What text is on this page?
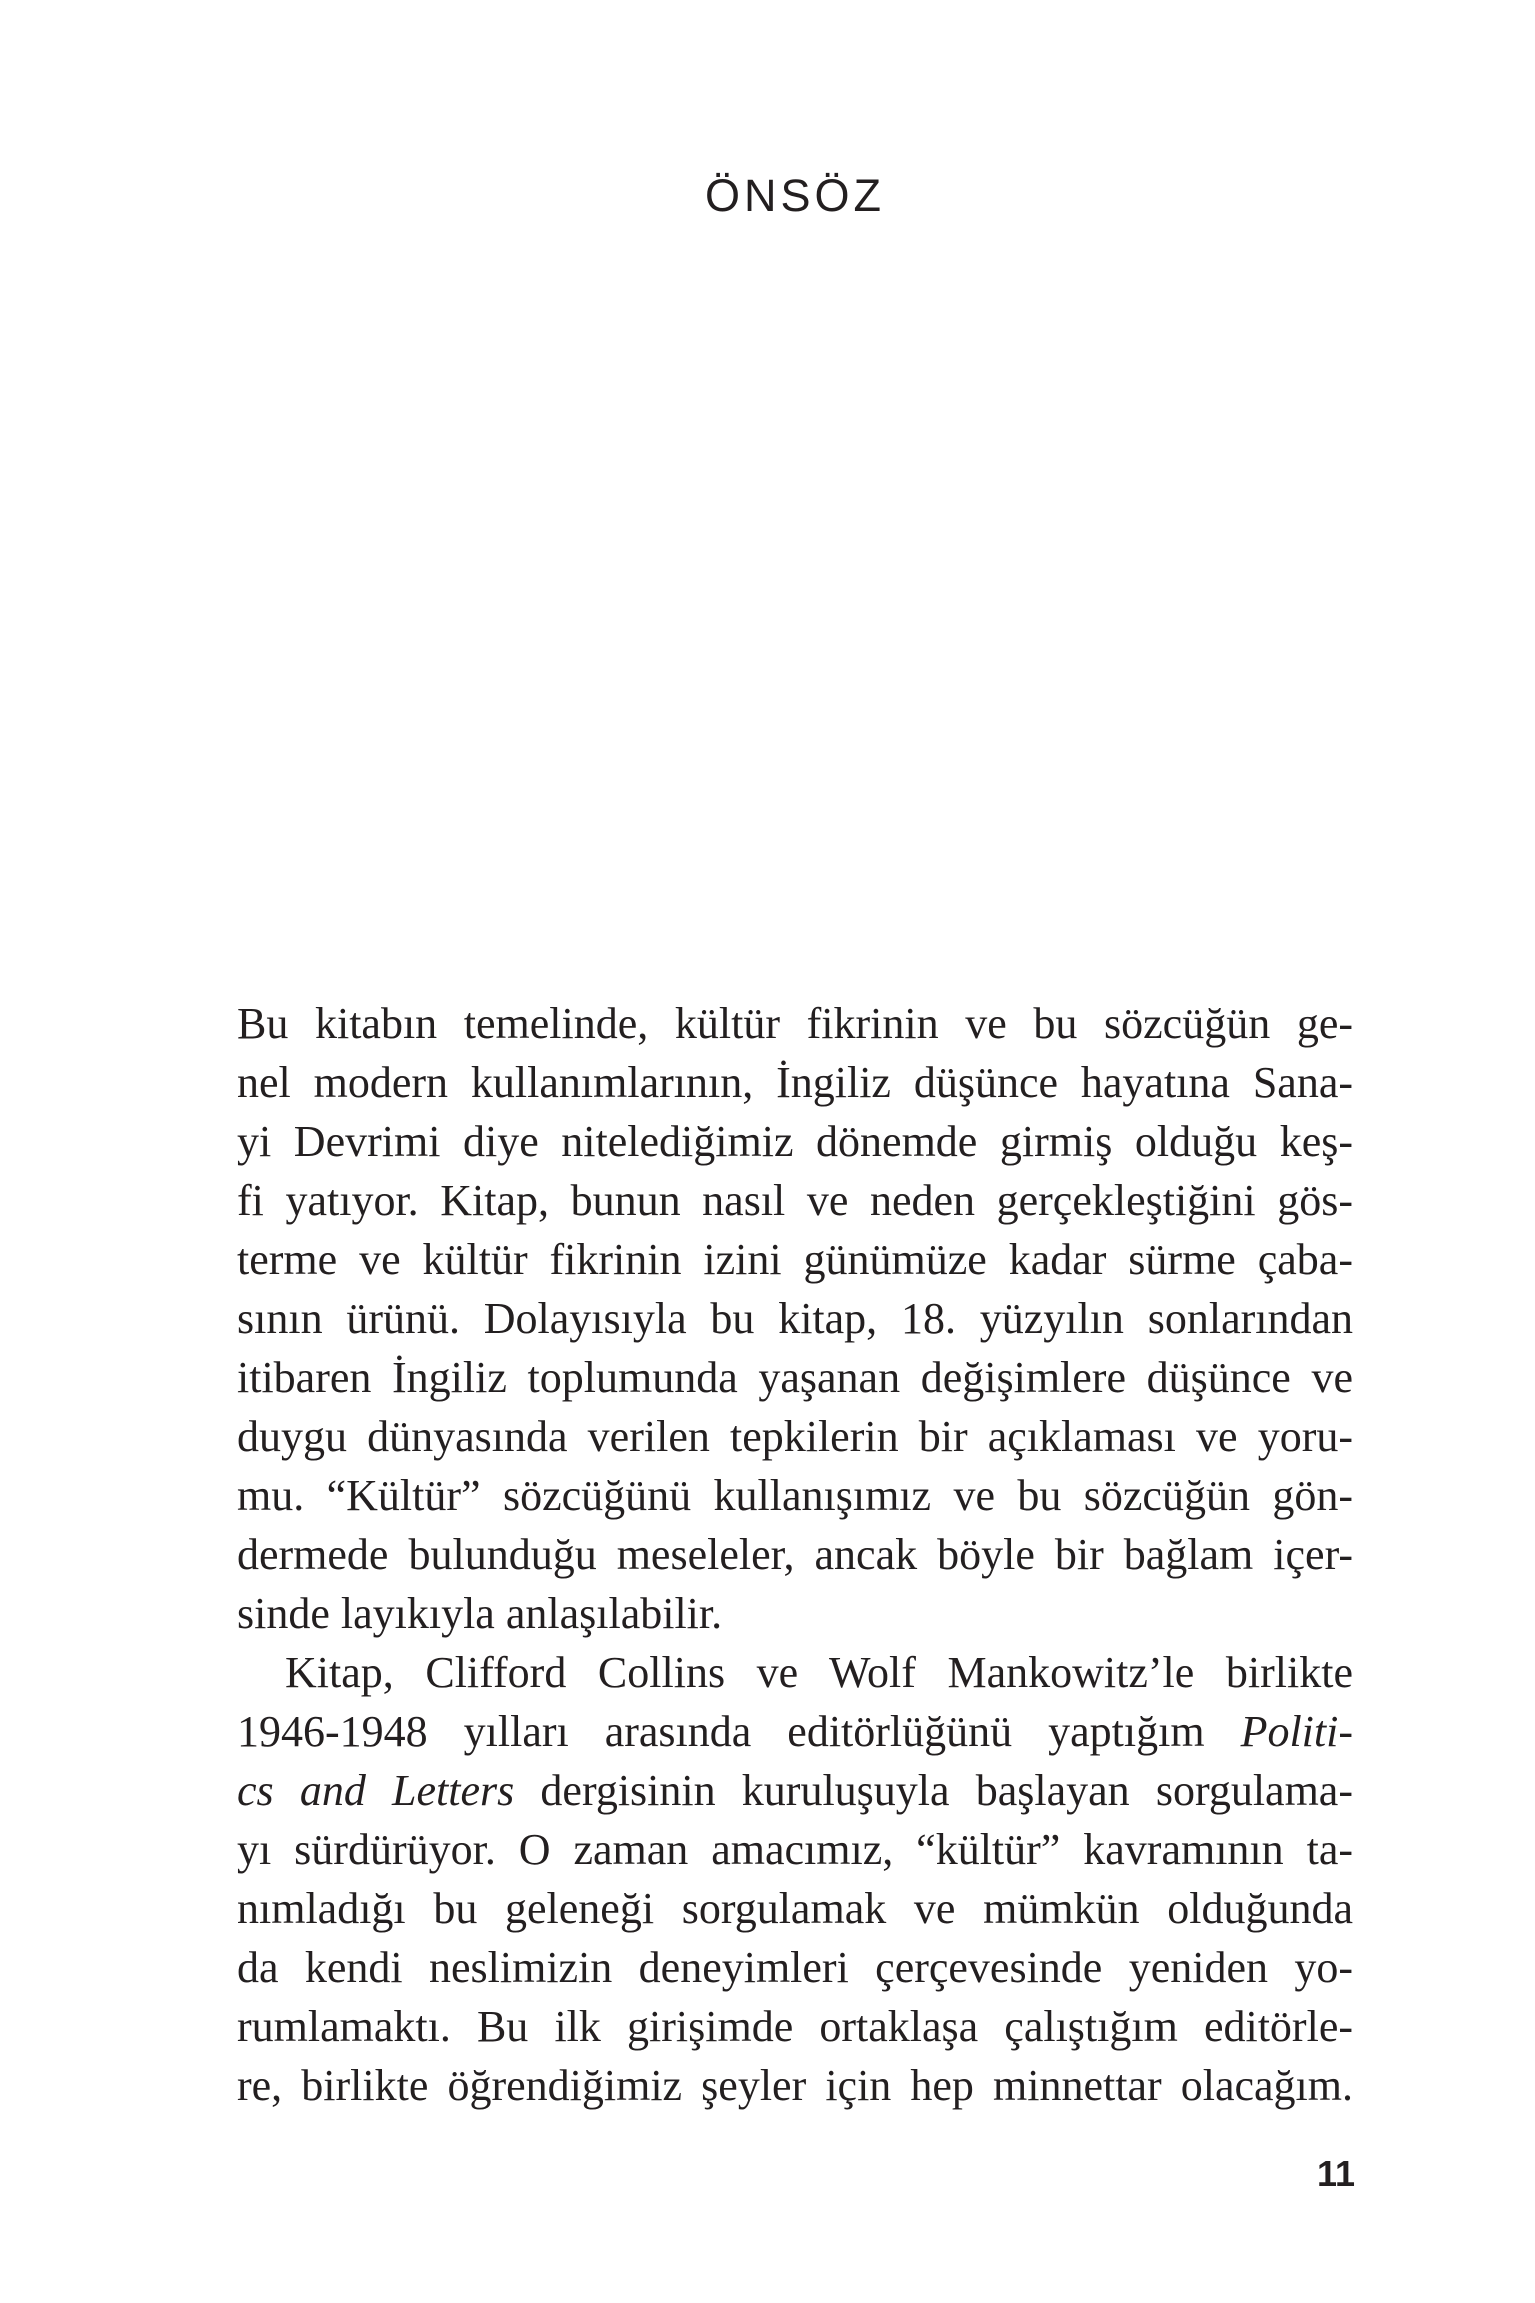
ÖNSÖZ
Bu kitabın temelinde, kültür fikrinin ve bu sözcüğün ge-
nel modern kullanımlarının, İngiliz düşünce hayatına Sana-
yi Devrimi diye nitelediğimiz dönemde girmiş olduğu keş-
fi yatıyor. Kitap, bunun nasıl ve neden gerçekleştiğini gös-
terme ve kültür fikrinin izini günümüze kadar sürme çaba-
sının ürünü. Dolayısıyla bu kitap, 18. yüzyılın sonlarından
itibaren İngiliz toplumunda yaşanan değişimlere düşünce ve
duygu dünyasında verilen tepkilerin bir açıklaması ve yoru-
mu. “Kültür” sözcüğünü kullanışımız ve bu sözcüğün gön-
dermede bulunduğu meseleler, ancak böyle bir bağlam içer-
sinde layıkıyla anlaşılabilir.
Kitap, Clifford Collins ve Wolf Mankowitz’le birlikte
1946-1948 yılları arasında editörlüğünü yaptığım Politi-
cs and Letters dergisinin kuruluşuyla başlayan sorgulama-
yı sürdürüyor. O zaman amacımız, “kültür” kavramının ta-
nımladığı bu geleneği sorgulamak ve mümkün olduğunda
da kendi neslimizin deneyimleri çerçevesinde yeniden yo-
rumlamaktı. Bu ilk girişimde ortaklaşa çalıştığım editörle-
re, birlikte öğrendiğimiz şeyler için hep minnettar olacağım.
11
